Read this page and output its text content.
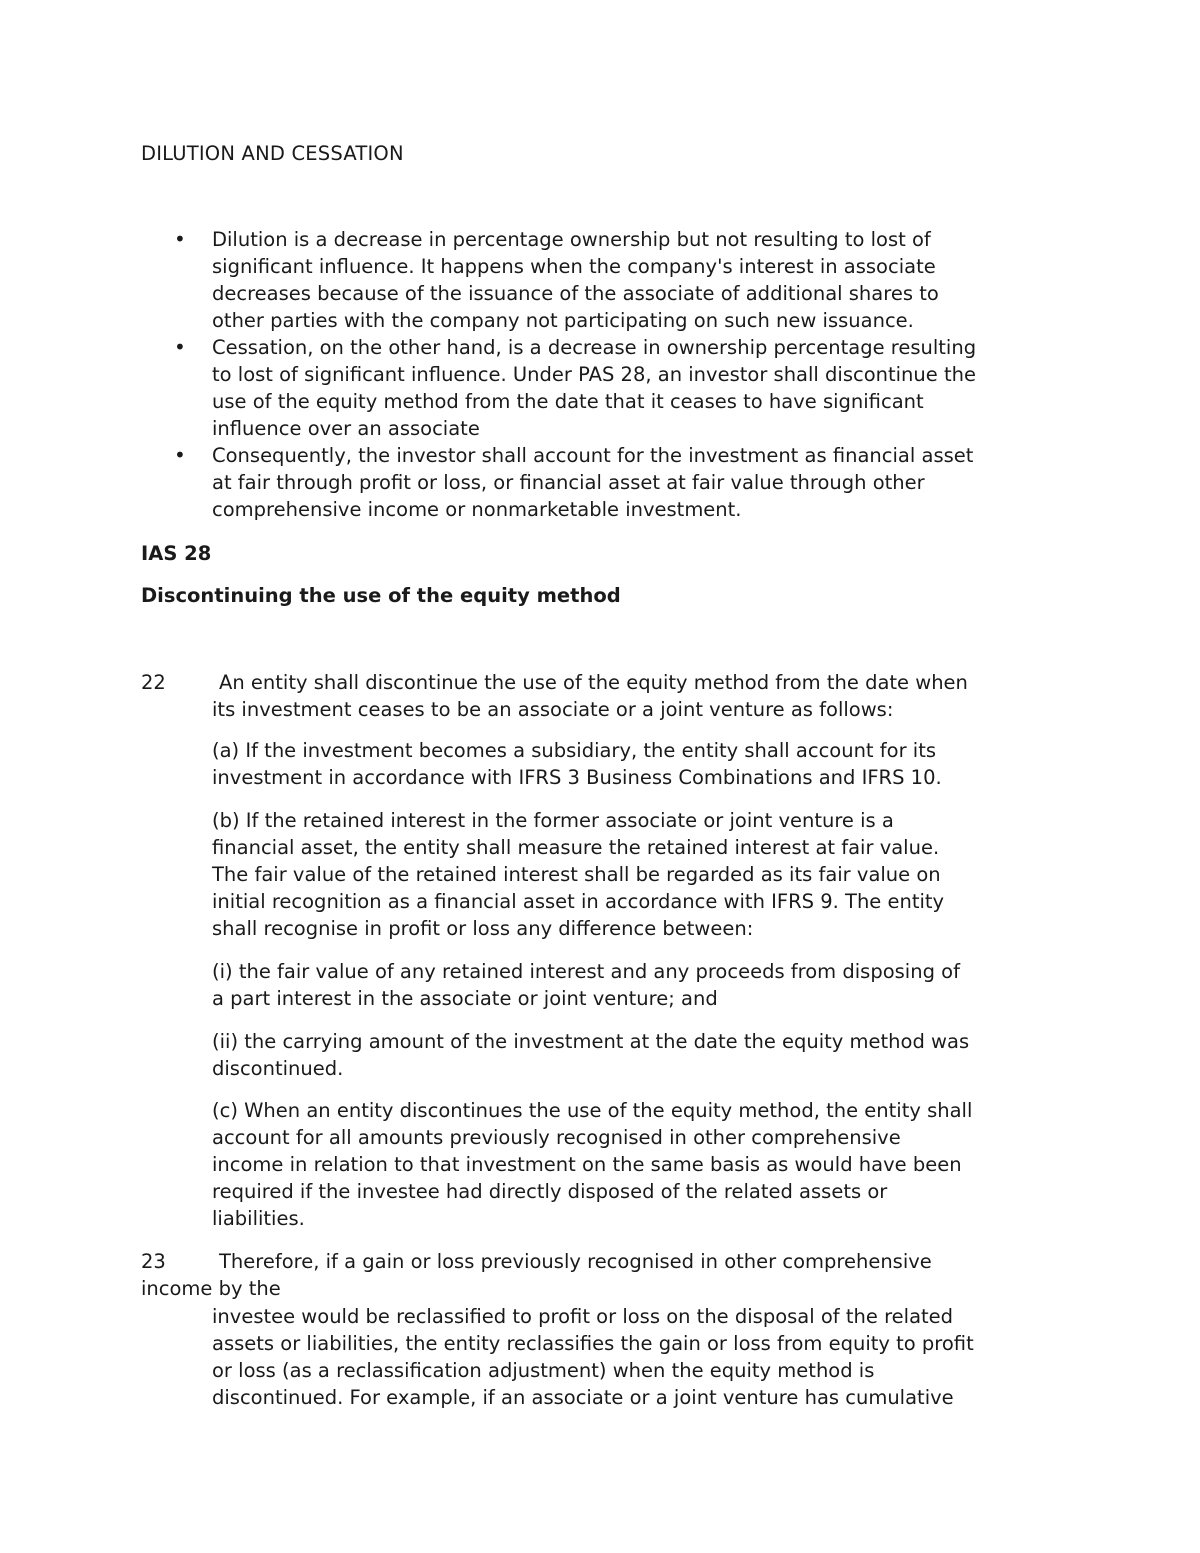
DILUTION AND CESSATION
• Dilution is a decrease in percentage ownership but not resulting to lost of
significant influence. It happens when the company's interest in associate
decreases because of the issuance of the associate of additional shares to
other parties with the company not participating on such new issuance.
• Cessation, on the other hand, is a decrease in ownership percentage resulting
to lost of significant influence. Under PAS 28, an investor shall discontinue the
use of the equity method from the date that it ceases to have significant
influence over an associate
• Consequently, the investor shall account for the investment as financial asset
at fair through profit or loss, or financial asset at fair value through other
comprehensive income or nonmarketable investment.
IAS 28
Discontinuing the use of the equity method
22	An entity shall discontinue the use of the equity method from the date when
its investment ceases to be an associate or a joint venture as follows:
(a) If the investment becomes a subsidiary, the entity shall account for its
investment in accordance with IFRS 3 Business Combinations and IFRS 10.
(b) If the retained interest in the former associate or joint venture is a
financial asset, the entity shall measure the retained interest at fair value.
The fair value of the retained interest shall be regarded as its fair value on
initial recognition as a financial asset in accordance with IFRS 9. The entity
shall recognise in profit or loss any difference between:
(i) the fair value of any retained interest and any proceeds from disposing of
a part interest in the associate or joint venture; and
(ii) the carrying amount of the investment at the date the equity method was
discontinued.
(c) When an entity discontinues the use of the equity method, the entity shall
account for all amounts previously recognised in other comprehensive
income in relation to that investment on the same basis as would have been
required if the investee had directly disposed of the related assets or
liabilities.
23	Therefore, if a gain or loss previously recognised in other comprehensive
income by the
investee would be reclassified to profit or loss on the disposal of the related
assets or liabilities, the entity reclassifies the gain or loss from equity to profit
or loss (as a reclassification adjustment) when the equity method is
discontinued. For example, if an associate or a joint venture has cumulative
